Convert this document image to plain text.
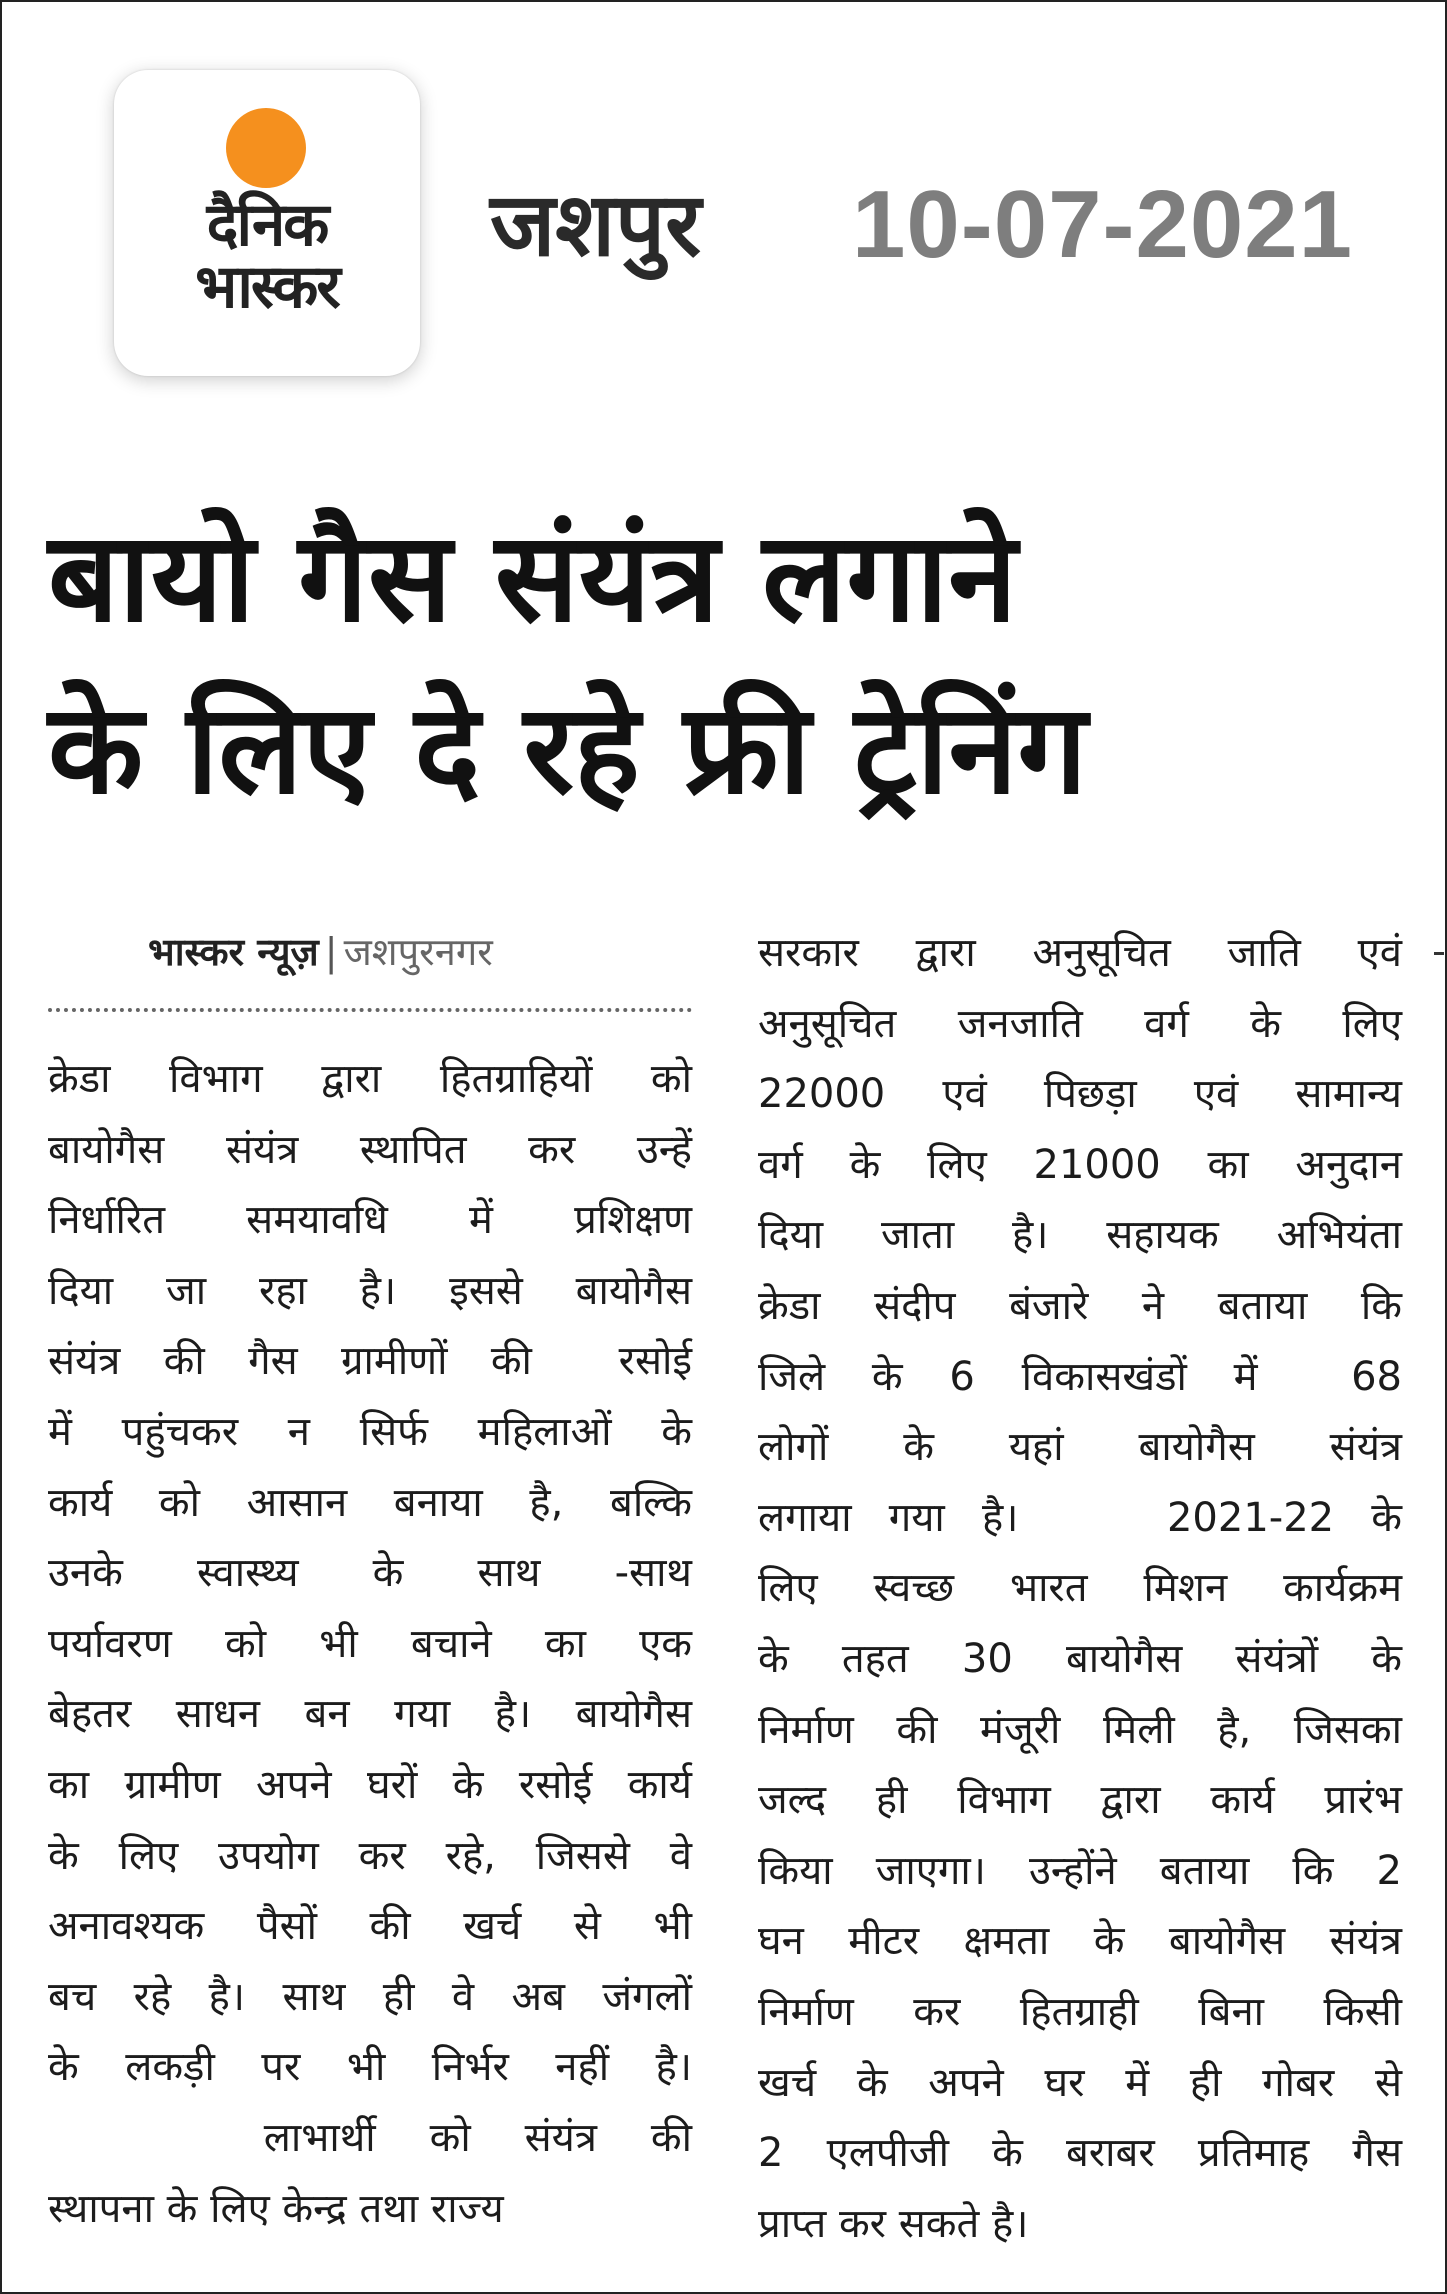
दैनिक
भास्कर
जशपुर 10-07-2021
बायो गैस संयंत्र लगाने
के लिए दे रहे फ्री ट्रेनिंग
भास्कर न्यूज़ | जशपुरनगर
क्रेडा विभाग द्वारा हितग्राहियों को
बायोगैस संयंत्र स्थापित कर उन्हें
निर्धारित समयावधि में प्रशिक्षण
दिया जा रहा है। इससे बायोगैस
संयंत्र की गैस ग्रामीणों की  रसोई
में पहुंचकर न सिर्फ महिलाओं के
कार्य को आसान बनाया है, बल्कि
उनके स्वास्थ्य के साथ -साथ
पर्यावरण को भी बचाने का एक
बेहतर साधन बन गया है। बायोगैस
का ग्रामीण अपने घरों के रसोई कार्य
के लिए उपयोग कर रहे, जिससे वे
अनावश्यक पैसों की खर्च से भी
बच रहे है। साथ ही वे अब जंगलों
के लकड़ी पर भी निर्भर नहीं है।
लाभार्थी को संयंत्र की
स्थापना के लिए केन्द्र तथा राज्य
सरकार द्वारा अनुसूचित जाति एवं
अनुसूचित जनजाति वर्ग के लिए
22000 एवं पिछड़ा एवं सामान्य
वर्ग के लिए 21000 का अनुदान
दिया जाता है। सहायक अभियंता
क्रेडा संदीप बंजारे ने बताया कि
जिले के 6 विकासखंडों में  68
लोगों के यहां बायोगैस संयंत्र
लगाया गया है।    2021-22 के
लिए स्वच्छ भारत मिशन कार्यक्रम
के तहत 30 बायोगैस संयंत्रों के
निर्माण की मंजूरी मिली है, जिसका
जल्द ही विभाग द्वारा कार्य प्रारंभ
किया जाएगा। उन्होंने बताया कि 2
घन मीटर क्षमता के बायोगैस संयंत्र
निर्माण कर हितग्राही बिना किसी
खर्च के अपने घर में ही गोबर से
2 एलपीजी के बराबर प्रतिमाह गैस
प्राप्त कर सकते है।
